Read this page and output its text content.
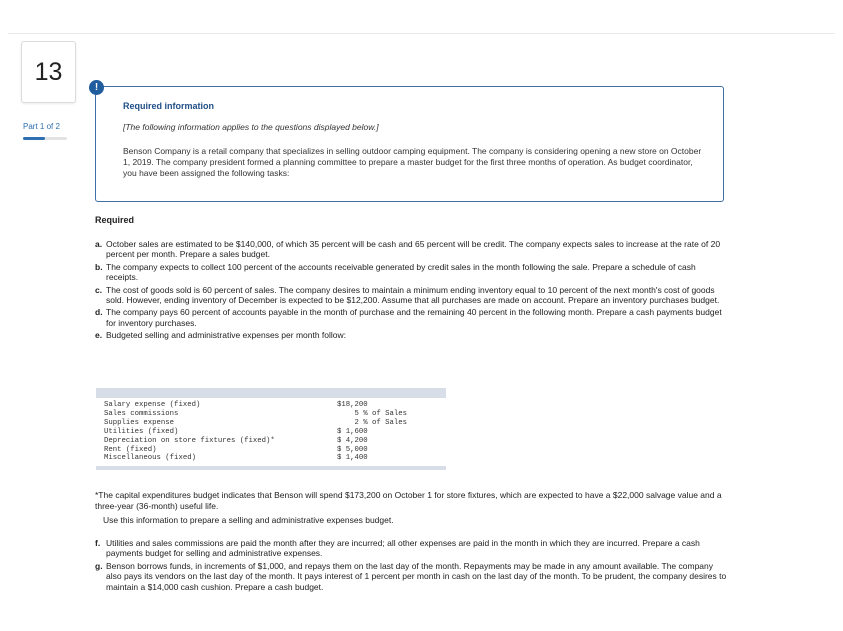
13
Part 1 of 2
!
Required information
[The following information applies to the questions displayed below.]
Benson Company is a retail company that specializes in selling outdoor camping equipment. The company is considering opening a new store on October 1, 2019. The company president formed a planning committee to prepare a master budget for the first three months of operation. As budget coordinator, you have been assigned the following tasks:
Required
a. October sales are estimated to be $140,000, of which 35 percent will be cash and 65 percent will be credit. The company expects sales to increase at the rate of 20 percent per month. Prepare a sales budget.
b. The company expects to collect 100 percent of the accounts receivable generated by credit sales in the month following the sale. Prepare a schedule of cash receipts.
c. The cost of goods sold is 60 percent of sales. The company desires to maintain a minimum ending inventory equal to 10 percent of the next month's cost of goods sold. However, ending inventory of December is expected to be $12,200. Assume that all purchases are made on account. Prepare an inventory purchases budget.
d. The company pays 60 percent of accounts payable in the month of purchase and the remaining 40 percent in the following month. Prepare a cash payments budget for inventory purchases.
e. Budgeted selling and administrative expenses per month follow:
Salary expense (fixed)	$18,200
Sales commissions	5 % of Sales
Supplies expense	2 % of Sales
Utilities (fixed)	$ 1,600
Depreciation on store fixtures (fixed)*	$ 4,200
Rent (fixed)	$ 5,000
Miscellaneous (fixed)	$ 1,400
*The capital expenditures budget indicates that Benson will spend $173,200 on October 1 for store fixtures, which are expected to have a $22,000 salvage value and a three-year (36-month) useful life.
Use this information to prepare a selling and administrative expenses budget.
f. Utilities and sales commissions are paid the month after they are incurred; all other expenses are paid in the month in which they are incurred. Prepare a cash payments budget for selling and administrative expenses.
g. Benson borrows funds, in increments of $1,000, and repays them on the last day of the month. Repayments may be made in any amount available. The company also pays its vendors on the last day of the month. It pays interest of 1 percent per month in cash on the last day of the month. To be prudent, the company desires to maintain a $14,000 cash cushion. Prepare a cash budget.
